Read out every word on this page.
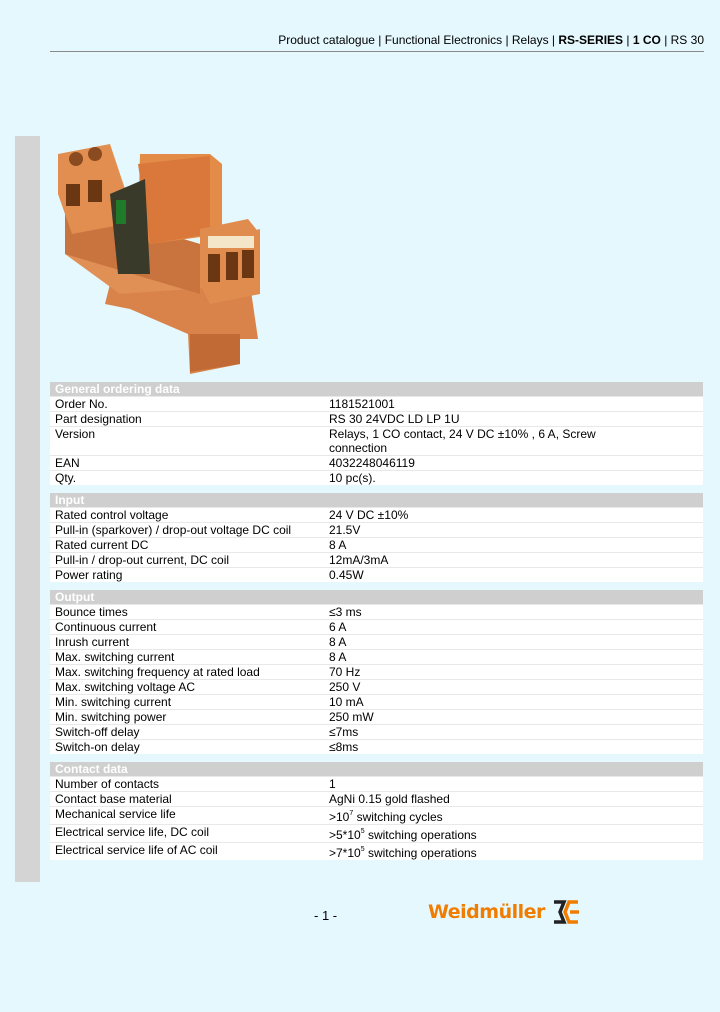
Product catalogue | Functional Electronics | Relays | RS-SERIES | 1 CO | RS 30
General ordering data
Order No.	1181521001
Part designation	RS 30 24VDC LD LP 1U
Version	Relays, 1 CO contact, 24 V DC ±10% , 6 A, Screw connection
EAN	4032248046119
Qty.	10 pc(s).
Input
Rated control voltage	24 V DC ±10%
Pull-in (sparkover) / drop-out voltage DC coil	21.5V
Rated current DC	8 A
Pull-in / drop-out current, DC coil	12mA/3mA
Power rating	0.45W
Output
Bounce times	≤3 ms
Continuous current	6 A
Inrush current	8 A
Max. switching current	8 A
Max. switching frequency at rated load	70 Hz
Max. switching voltage AC	250 V
Min. switching current	10 mA
Min. switching power	250 mW
Switch-off delay	≤7ms
Switch-on delay	≤8ms
Contact data
Number of contacts	1
Contact base material	AgNi 0.15 gold flashed
Mechanical service life	$>10^7$ switching cycles
Electrical service life, DC coil	$>5*10^5$ switching operations
Electrical service life of AC coil	$>7*10^5$ switching operations
- 1 -	Weidmüller
